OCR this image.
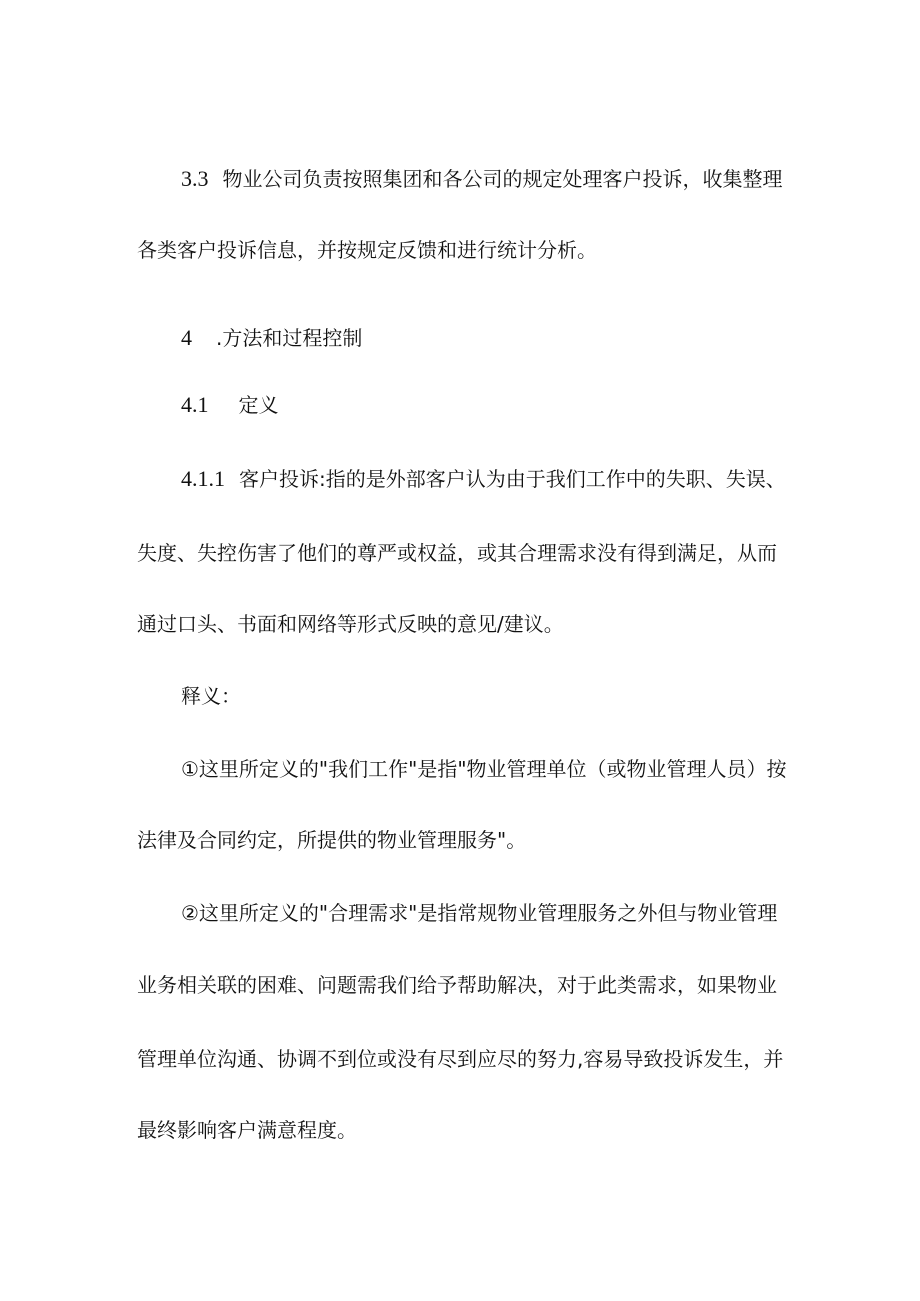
3.3 物业公司负责按照集团和各公司的规定处理客户投诉，收集整理
各类客户投诉信息，并按规定反馈和进行统计分析。
4 .方法和过程控制
4.1 定义
4.1.1 客户投诉:指的是外部客户认为由于我们工作中的失职、失误、
失度、失控伤害了他们的尊严或权益，或其合理需求没有得到满足，从而
通过口头、书面和网络等形式反映的意见/建议。
释义：
①这里所定义的"我们工作"是指"物业管理单位（或物业管理人员）按
法律及合同约定，所提供的物业管理服务"。
②这里所定义的"合理需求"是指常规物业管理服务之外但与物业管理
业务相关联的困难、问题需我们给予帮助解决，对于此类需求，如果物业
管理单位沟通、协调不到位或没有尽到应尽的努力,容易导致投诉发生，并
最终影响客户满意程度。
